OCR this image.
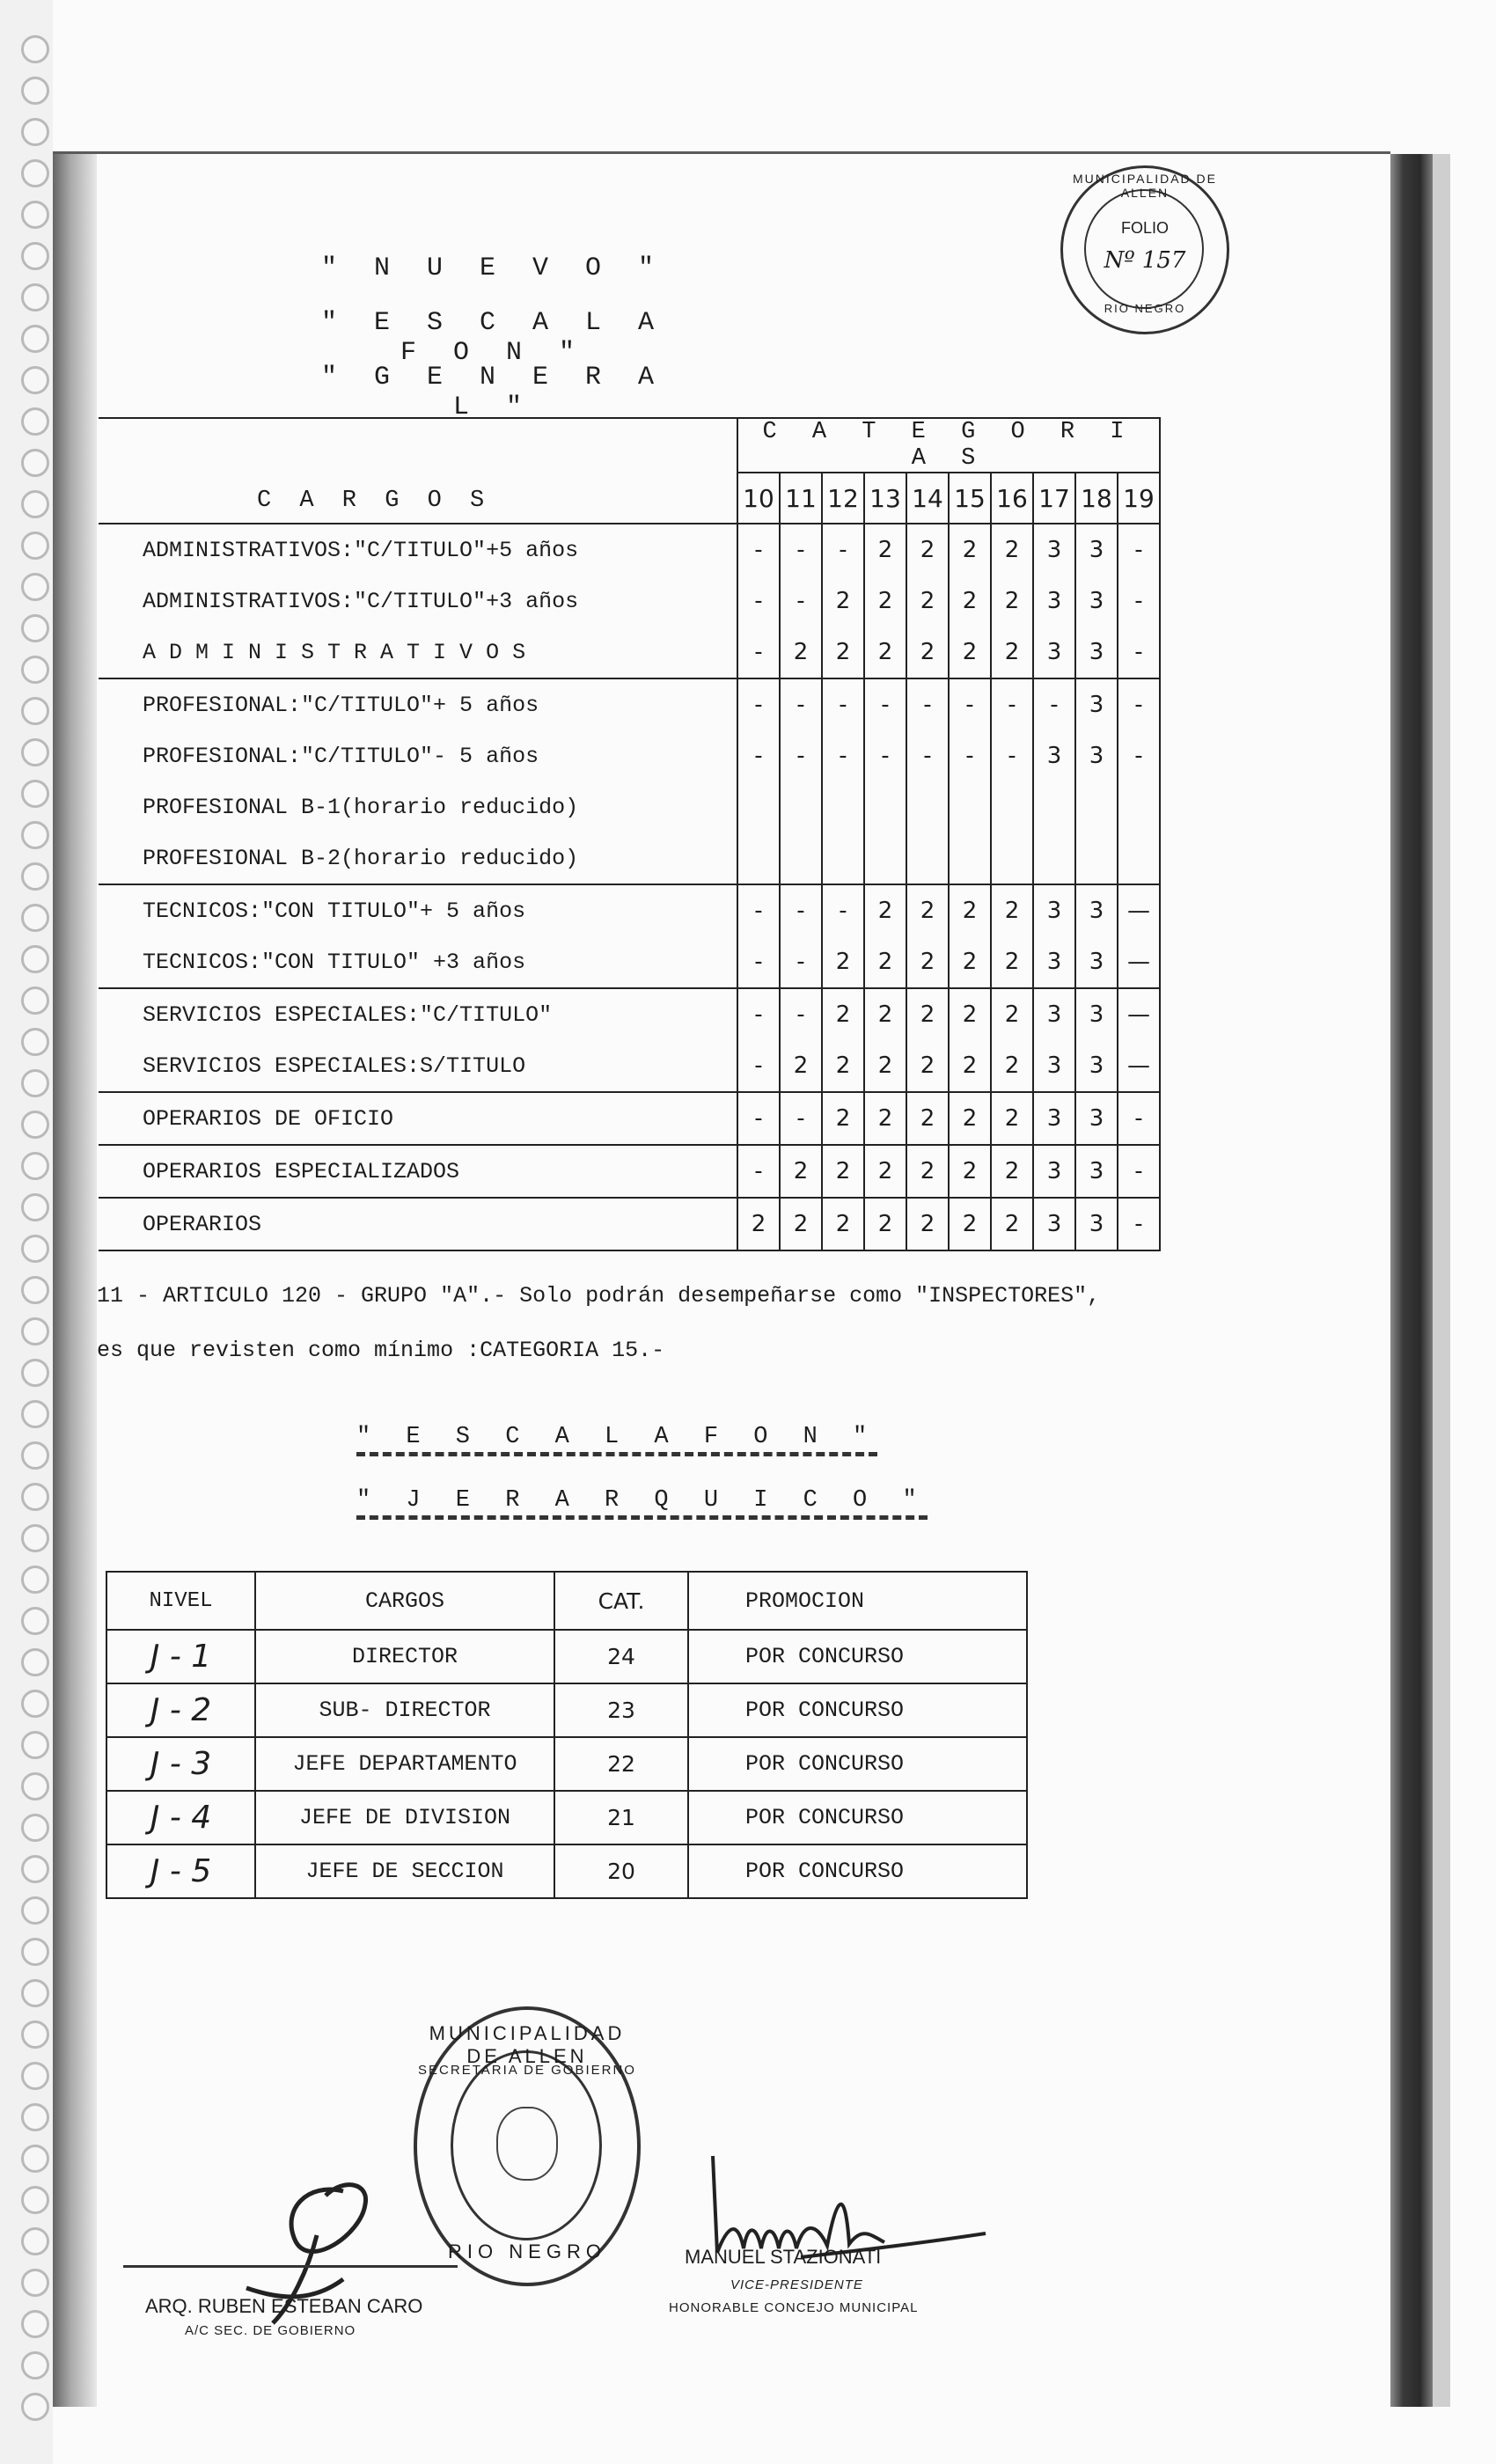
" N U E V O "
" E S C A L A F O N "
" G E N E R A L "
MUNICIPALIDAD DE ALLEN
FOLIO
Nº 157
RIO NEGRO
C A R G O S	C A T E G O R I A S									
	10	11	12	13	14	15	16	17	18	19
ADMINISTRATIVOS:"C/TITULO"+5 años	-	-	-	2	2	2	2	3	3	-
ADMINISTRATIVOS:"C/TITULO"+3 años	-	-	2	2	2	2	2	3	3	-
A D M I N I S T R A T I V O S	-	2	2	2	2	2	2	3	3	-
PROFESIONAL:"C/TITULO"+ 5 años	-	-	-	-	-	-	-	-	3	-
PROFESIONAL:"C/TITULO"- 5 años	-	-	-	-	-	-	-	3	3	-
PROFESIONAL B-1(horario reducido)										
PROFESIONAL B-2(horario reducido)										
TECNICOS:"CON TITULO"+ 5 años	-	-	-	2	2	2	2	3	3	—
TECNICOS:"CON TITULO" +3 años	-	-	2	2	2	2	2	3	3	—
SERVICIOS ESPECIALES:"C/TITULO"	-	-	2	2	2	2	2	3	3	—
SERVICIOS ESPECIALES:S/TITULO	-	2	2	2	2	2	2	3	3	—
OPERARIOS DE OFICIO	-	-	2	2	2	2	2	3	3	-
OPERARIOS ESPECIALIZADOS	-	2	2	2	2	2	2	3	3	-
OPERARIOS	2	2	2	2	2	2	2	3	3	-
11 - ARTICULO 120 - GRUPO "A".- Solo podrán desempeñarse como "INSPECTORES",
es que revisten como mínimo :CATEGORIA 15.-
" E S C A L A F O N "
" J E R A R Q U I C O "
NIVEL	CARGOS	CAT.	PROMOCION
J - 1	DIRECTOR	24	POR CONCURSO
J - 2	SUB- DIRECTOR	23	POR CONCURSO
J - 3	JEFE DEPARTAMENTO	22	POR CONCURSO
J - 4	JEFE DE DIVISION	21	POR CONCURSO
J - 5	JEFE DE SECCION	20	POR CONCURSO
MUNICIPALIDAD DE ALLEN
SECRETARIA DE GOBIERNO
RIO NEGRO
ARQ. RUBEN ESTEBAN CARO
A/C SEC. DE GOBIERNO
MANUEL STAZIONATI
VICE-PRESIDENTE
HONORABLE CONCEJO MUNICIPAL
